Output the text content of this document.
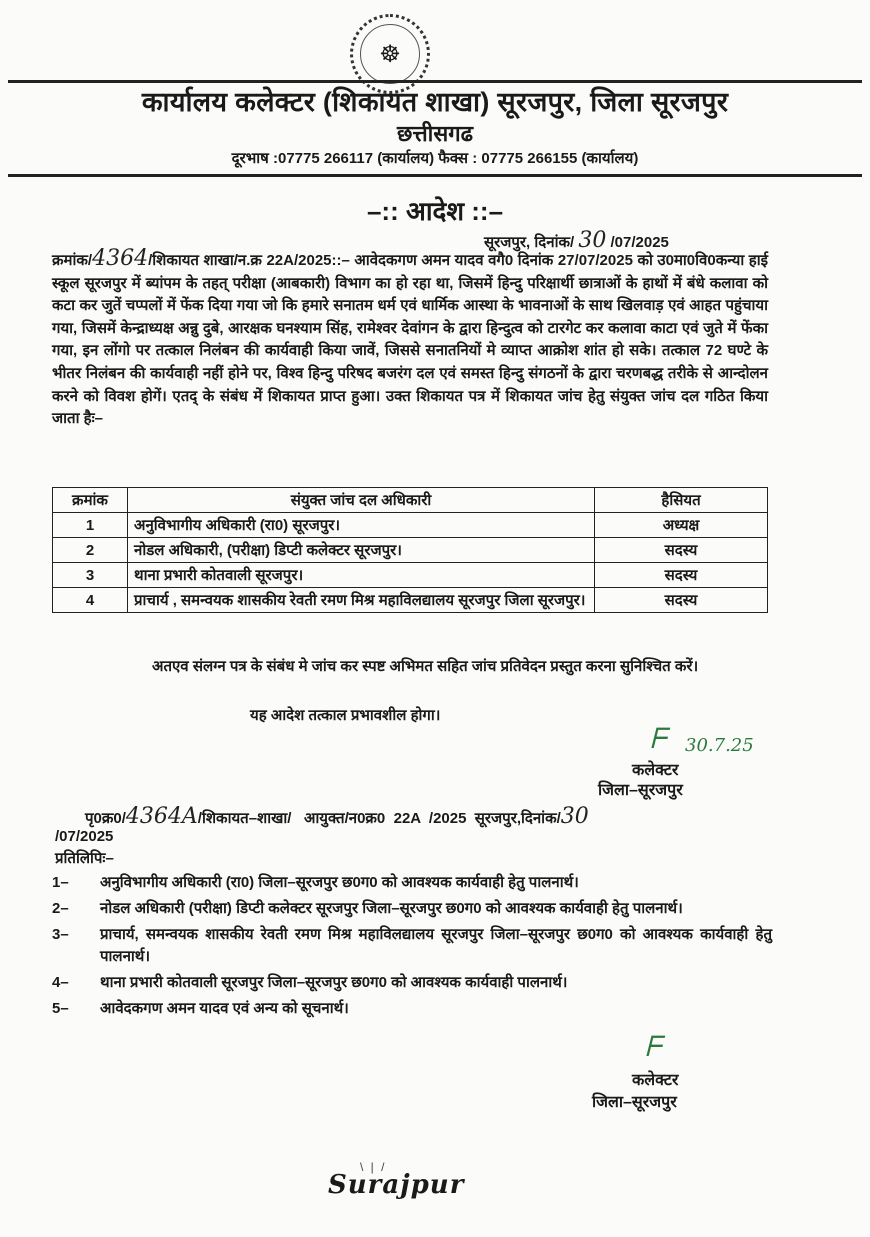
☸
कार्यालय कलेक्टर (शिकायत शाखा) सूरजपुर, जिला सूरजपुर
छत्तीसगढ
दूरभाष :07775 266117 (कार्यालय) फैक्स : 07775 266155 (कार्यालय)
–:: आदेश ::–
सूरजपुर, दिनांक/ 30 /07/2025
क्रमांक/4364/शिकायत शाखा/न.क्र 22A/2025::– आवेदकगण अमन यादव वगै0 दिनांक 27/07/2025 को उ0मा0वि0कन्या हाई स्कूल सूरजपुर में ब्यांपम के तहत् परीक्षा (आबकारी) विभाग का हो रहा था, जिसमें हिन्दु परिक्षार्थी छात्राओं के हाथों में बंधे कलावा को कटा कर जुतें चप्पलों में फेंक दिया गया जो कि हमारे सनातम धर्म एवं धार्मिक आस्था के भावनाओं के साथ खिलवाड़ एवं आहत पहुंचाया गया, जिसमें केन्द्राध्यक्ष अन्नु दुबे, आरक्षक घनश्याम सिंह, रामेश्वर देवांगन के द्वारा हिन्दुत्व को टारगेट कर कलावा काटा एवं जुते में फेंका गया, इन लोंगो पर तत्काल निलंबन की कार्यवाही किया जावें, जिससे सनातनियों मे व्याप्त आक्रोश शांत हो सके। तत्काल 72 घण्टे के भीतर निलंबन की कार्यवाही नहीं होने पर, विश्व हिन्दु परिषद बजरंग दल एवं समस्त हिन्दु संगठनों के द्वारा चरणबद्ध तरीके से आन्दोलन करने को विवश होगें। एतद् के संबंध में शिकायत प्राप्त हुआ। उक्त शिकायत पत्र में शिकायत जांच हेतु संयुक्त जांच दल गठित किया जाता हैः–
क्रमांक	संयुक्त जांच दल अधिकारी	हैसियत
1	अनुविभागीय अधिकारी (रा0) सूरजपुर।	अध्यक्ष
2	नोडल अधिकारी, (परीक्षा) डिप्टी कलेक्टर सूरजपुर।	सदस्य
3	थाना प्रभारी कोतवाली सूरजपुर।	सदस्य
4	प्राचार्य , समन्वयक शासकीय रेवती रमण मिश्र महाविलद्यालय सूरजपुर जिला सूरजपुर।	सदस्य
अतएव संलग्न पत्र के संबंध मे जांच कर स्पष्ट अभिमत सहित जांच प्रतिवेदन प्रस्तुत करना सुनिश्चित करें।
यह आदेश तत्काल प्रभावशील होगा।
ᖴ 30.7.25
कलेक्टर
जिला–सूरजपुर
पृ0क्र0/4364A/शिकायत–शाखा/   आयुक्त/न0क्र0  22A  /2025  सूरजपुर,दिनांक/30
/07/2025
प्रतिलिपिः–
1–	अनुविभागीय अधिकारी (रा0) जिला–सूरजपुर छ0ग0 को आवश्यक कार्यवाही हेतु पालनार्थ।
2–	नोडल अधिकारी (परीक्षा) डिप्टी कलेक्टर सूरजपुर जिला–सूरजपुर छ0ग0 को आवश्यक कार्यवाही हेतु पालनार्थ।
3–	प्राचार्य, समन्वयक शासकीय रेवती रमण मिश्र महाविलद्यालय सूरजपुर जिला–सूरजपुर छ0ग0 को आवश्यक कार्यवाही हेतु पालनार्थ।
4–	थाना प्रभारी कोतवाली सूरजपुर जिला–सूरजपुर छ0ग0 को आवश्यक कार्यवाही पालनार्थ।
5–	आवेदकगण अमन यादव एवं अन्य को सूचनार्थ।
ᖴ
कलेक्टर
जिला–सूरजपुर
\ | /
Surajpur
